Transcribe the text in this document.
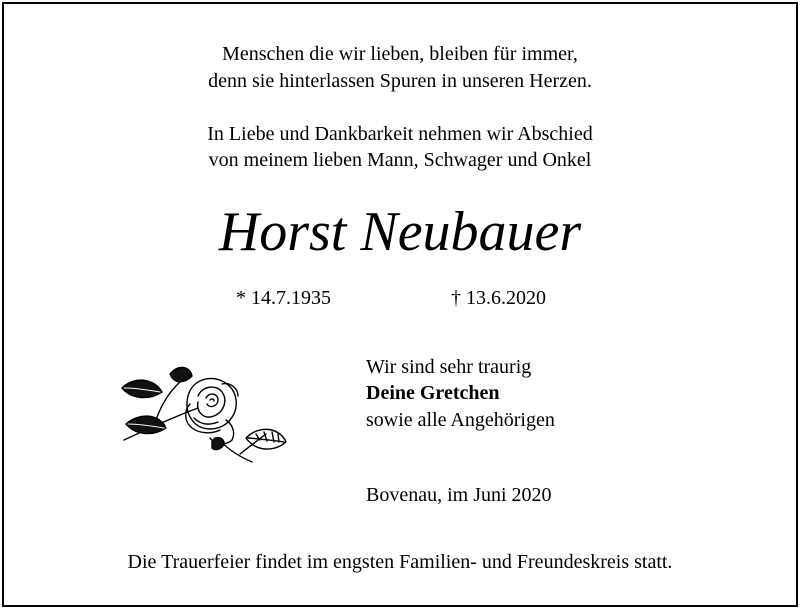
Menschen die wir lieben, bleiben für immer,
denn sie hinterlassen Spuren in unseren Herzen.
In Liebe und Dankbarkeit nehmen wir Abschied
von meinem lieben Mann, Schwager und Onkel
Horst Neubauer
* 14.7.1935	† 13.6.2020
Wir sind sehr traurig
Deine Gretchen
sowie alle Angehörigen
Bovenau, im Juni 2020
Die Trauerfeier findet im engsten Familien- und Freundeskreis statt.
